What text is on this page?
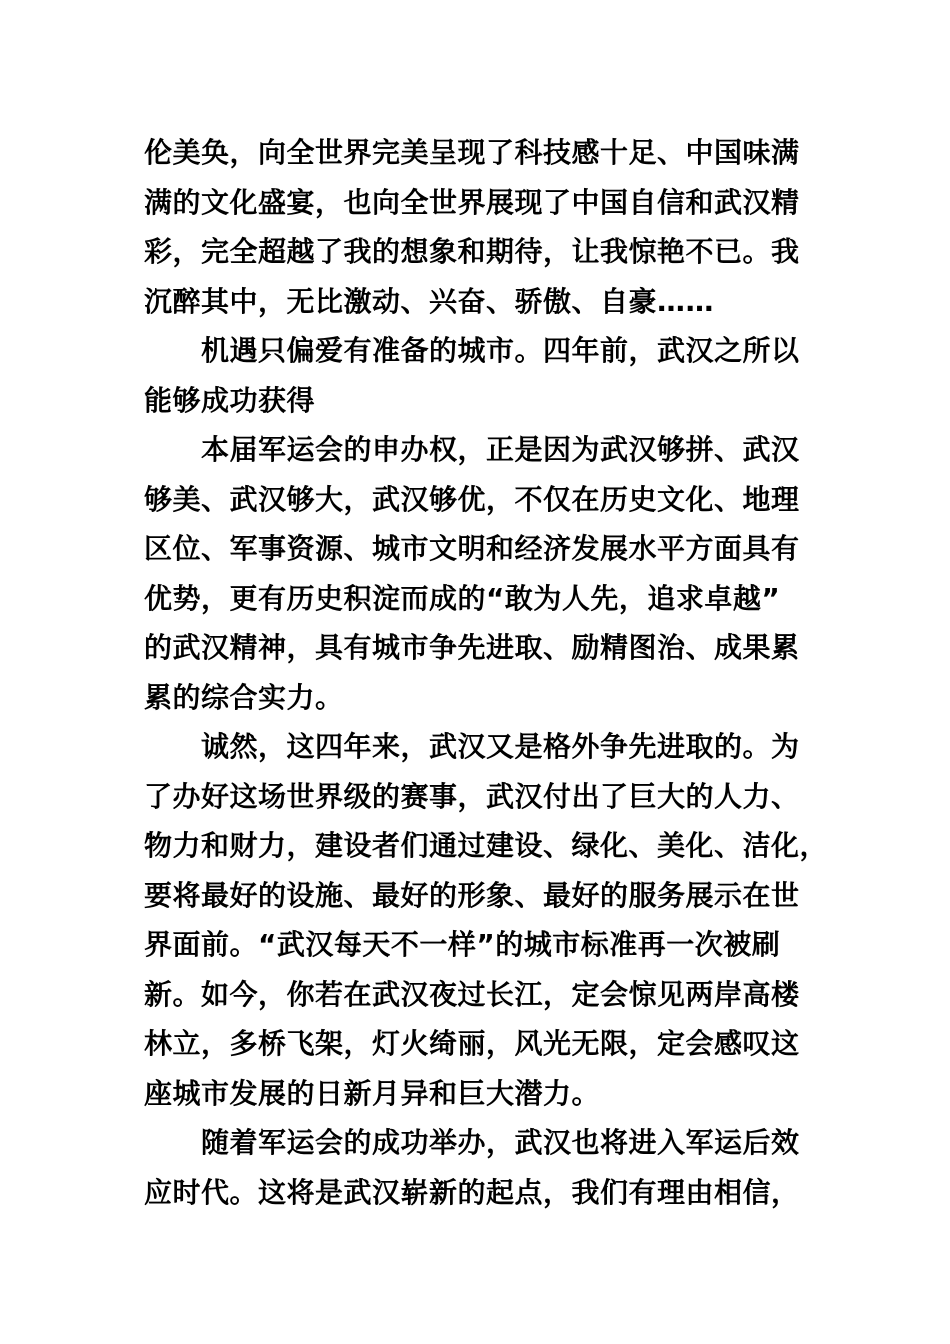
伦美奂，向全世界完美呈现了科技感十足、中国味满
满的文化盛宴，也向全世界展现了中国自信和武汉精
彩，完全超越了我的想象和期待，让我惊艳不已。我
沉醉其中，无比激动、兴奋、骄傲、自豪……
机遇只偏爱有准备的城市。四年前，武汉之所以
能够成功获得
本届军运会的申办权，正是因为武汉够拼、武汉
够美、武汉够大，武汉够优，不仅在历史文化、地理
区位、军事资源、城市文明和经济发展水平方面具有
优势，更有历史积淀而成的“敢为人先，追求卓越”
的武汉精神，具有城市争先进取、励精图治、成果累
累的综合实力。
诚然，这四年来，武汉又是格外争先进取的。为
了办好这场世界级的赛事，武汉付出了巨大的人力、
物力和财力，建设者们通过建设、绿化、美化、洁化，
要将最好的设施、最好的形象、最好的服务展示在世
界面前。“武汉每天不一样”的城市标准再一次被刷
新。如今，你若在武汉夜过长江，定会惊见两岸高楼
林立，多桥飞架，灯火绮丽，风光无限，定会感叹这
座城市发展的日新月异和巨大潜力。
随着军运会的成功举办，武汉也将进入军运后效
应时代。这将是武汉崭新的起点，我们有理由相信，
